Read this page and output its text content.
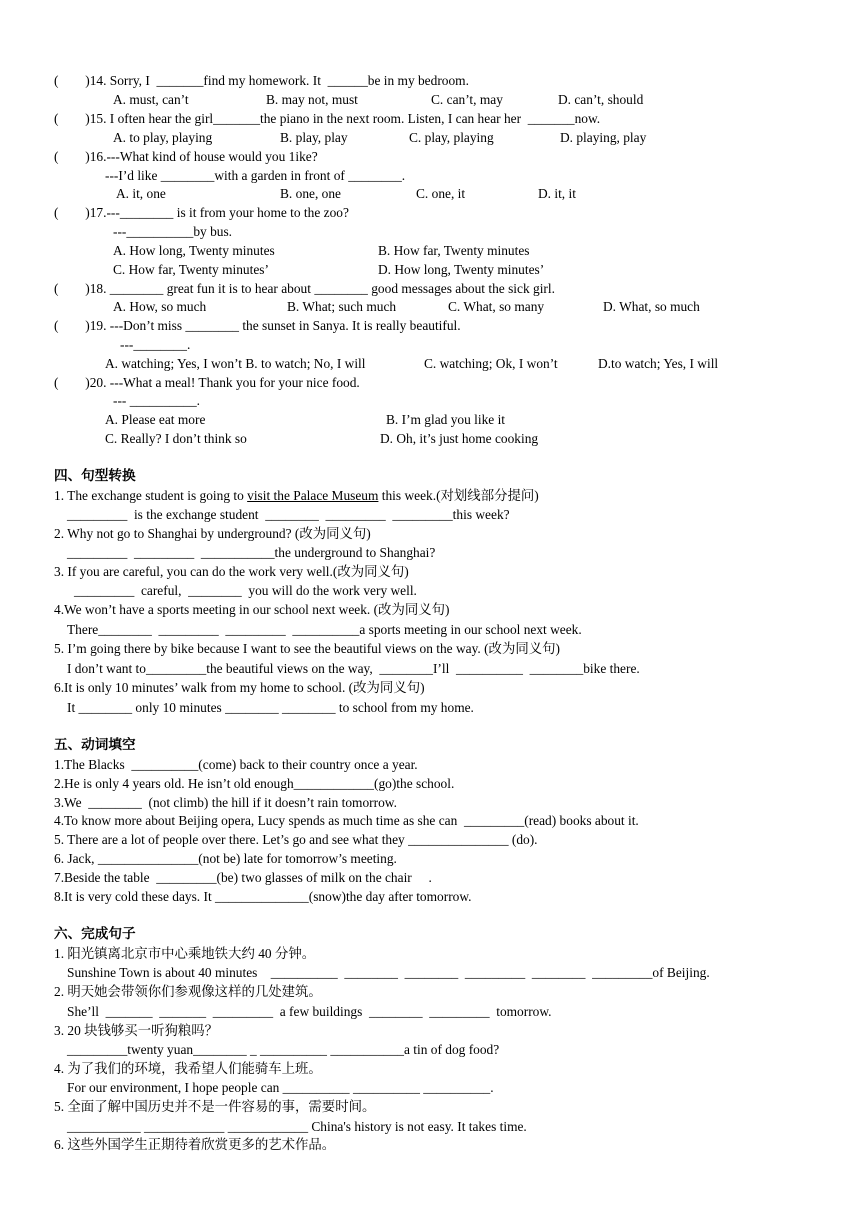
(        )14. Sorry, I  _______find my homework. It  ______be in my bedroom.
A. must, can’t	B. may not, must	C. can’t, may	D. can’t, should
(        )15. I often hear the girl_______the piano in the next room. Listen, I can hear her  _______now.
A. to play, playing	B. play, play	C. play, playing	D. playing, play
(        )16.---What kind of house would you 1ike?
---I’d like ________with a garden in front of ________.
A. it, one	B. one, one	C. one, it	D. it, it
(        )17.---________ is it from your home to the zoo?
---__________by bus.
A. How long, Twenty minutes	B. How far, Twenty minutes
C. How far, Twenty minutes’	D. How long, Twenty minutes’
(        )18. ________ great fun it is to hear about ________ good messages about the sick girl.
A. How, so much	B. What; such much	C. What, so many	D. What, so much
(        )19. ---Don’t miss ________ the sunset in Sanya. It is really beautiful.
---________.
A. watching; Yes, I won’t B. to watch; No, I will	C. watching; Ok, I won’t	D.to watch; Yes, I will
(        )20. ---What a meal! Thank you for your nice food.
--- __________.
A. Please eat more	B. I’m glad you like it
C. Really? I don’t think so	D. Oh, it’s just home cooking
四、句型转换
1. The exchange student is going to visit the Palace Museum this week.(对划线部分提问)
_________  is the exchange student  ________  _________  _________this week?
2. Why not go to Shanghai by underground? (改为同义句)
_________  _________  ___________the underground to Shanghai?
3. If you are careful, you can do the work very well.(改为同义句)
_________  careful,  ________  you will do the work very well.
4.We won’t have a sports meeting in our school next week. (改为同义句)
There________  _________  _________  __________a sports meeting in our school next week.
5. I’m going there by bike because I want to see the beautiful views on the way. (改为同义句)
I don’t want to_________the beautiful views on the way,  ________I’ll  __________  ________bike there.
6.It is only 10 minutes’ walk from my home to school. (改为同义句)
It ________ only 10 minutes ________ ________ to school from my home.
五、动词填空
1.The Blacks  __________(come) back to their country once a year.
2.He is only 4 years old. He isn’t old enough____________(go)the school.
3.We  ________  (not climb) the hill if it doesn’t rain tomorrow.
4.To know more about Beijing opera, Lucy spends as much time as she can  _________(read) books about it.
5. There are a lot of people over there. Let’s go and see what they _______________ (do).
6. Jack, _______________(not be) late for tomorrow’s meeting.
7.Beside the table  _________(be) two glasses of milk on the chair     .
8.It is very cold these days. It ______________(snow)the day after tomorrow.
六、完成句子
1. 阳光镇离北京市中心乘地铁大约 40 分钟。
Sunshine Town is about 40 minutes    __________  ________  ________  _________  ________  _________of Beijing.
2. 明天她会带领你们参观像这样的几处建筑。
She’ll  _______  _______  _________  a few buildings  ________  _________  tomorrow.
3. 20 块钱够买一听狗粮吗？
_________twenty yuan________ _ __________ ___________a tin of dog food?
4. 为了我们的环境，我希望人们能骑车上班。
For our environment, I hope people can __________ __________ __________.
5. 全面了解中国历史并不是一件容易的事，需要时间。
___________ ____________ ____________ China's history is not easy. It takes time.
6. 这些外国学生正期待着欣赏更多的艺术作品。
